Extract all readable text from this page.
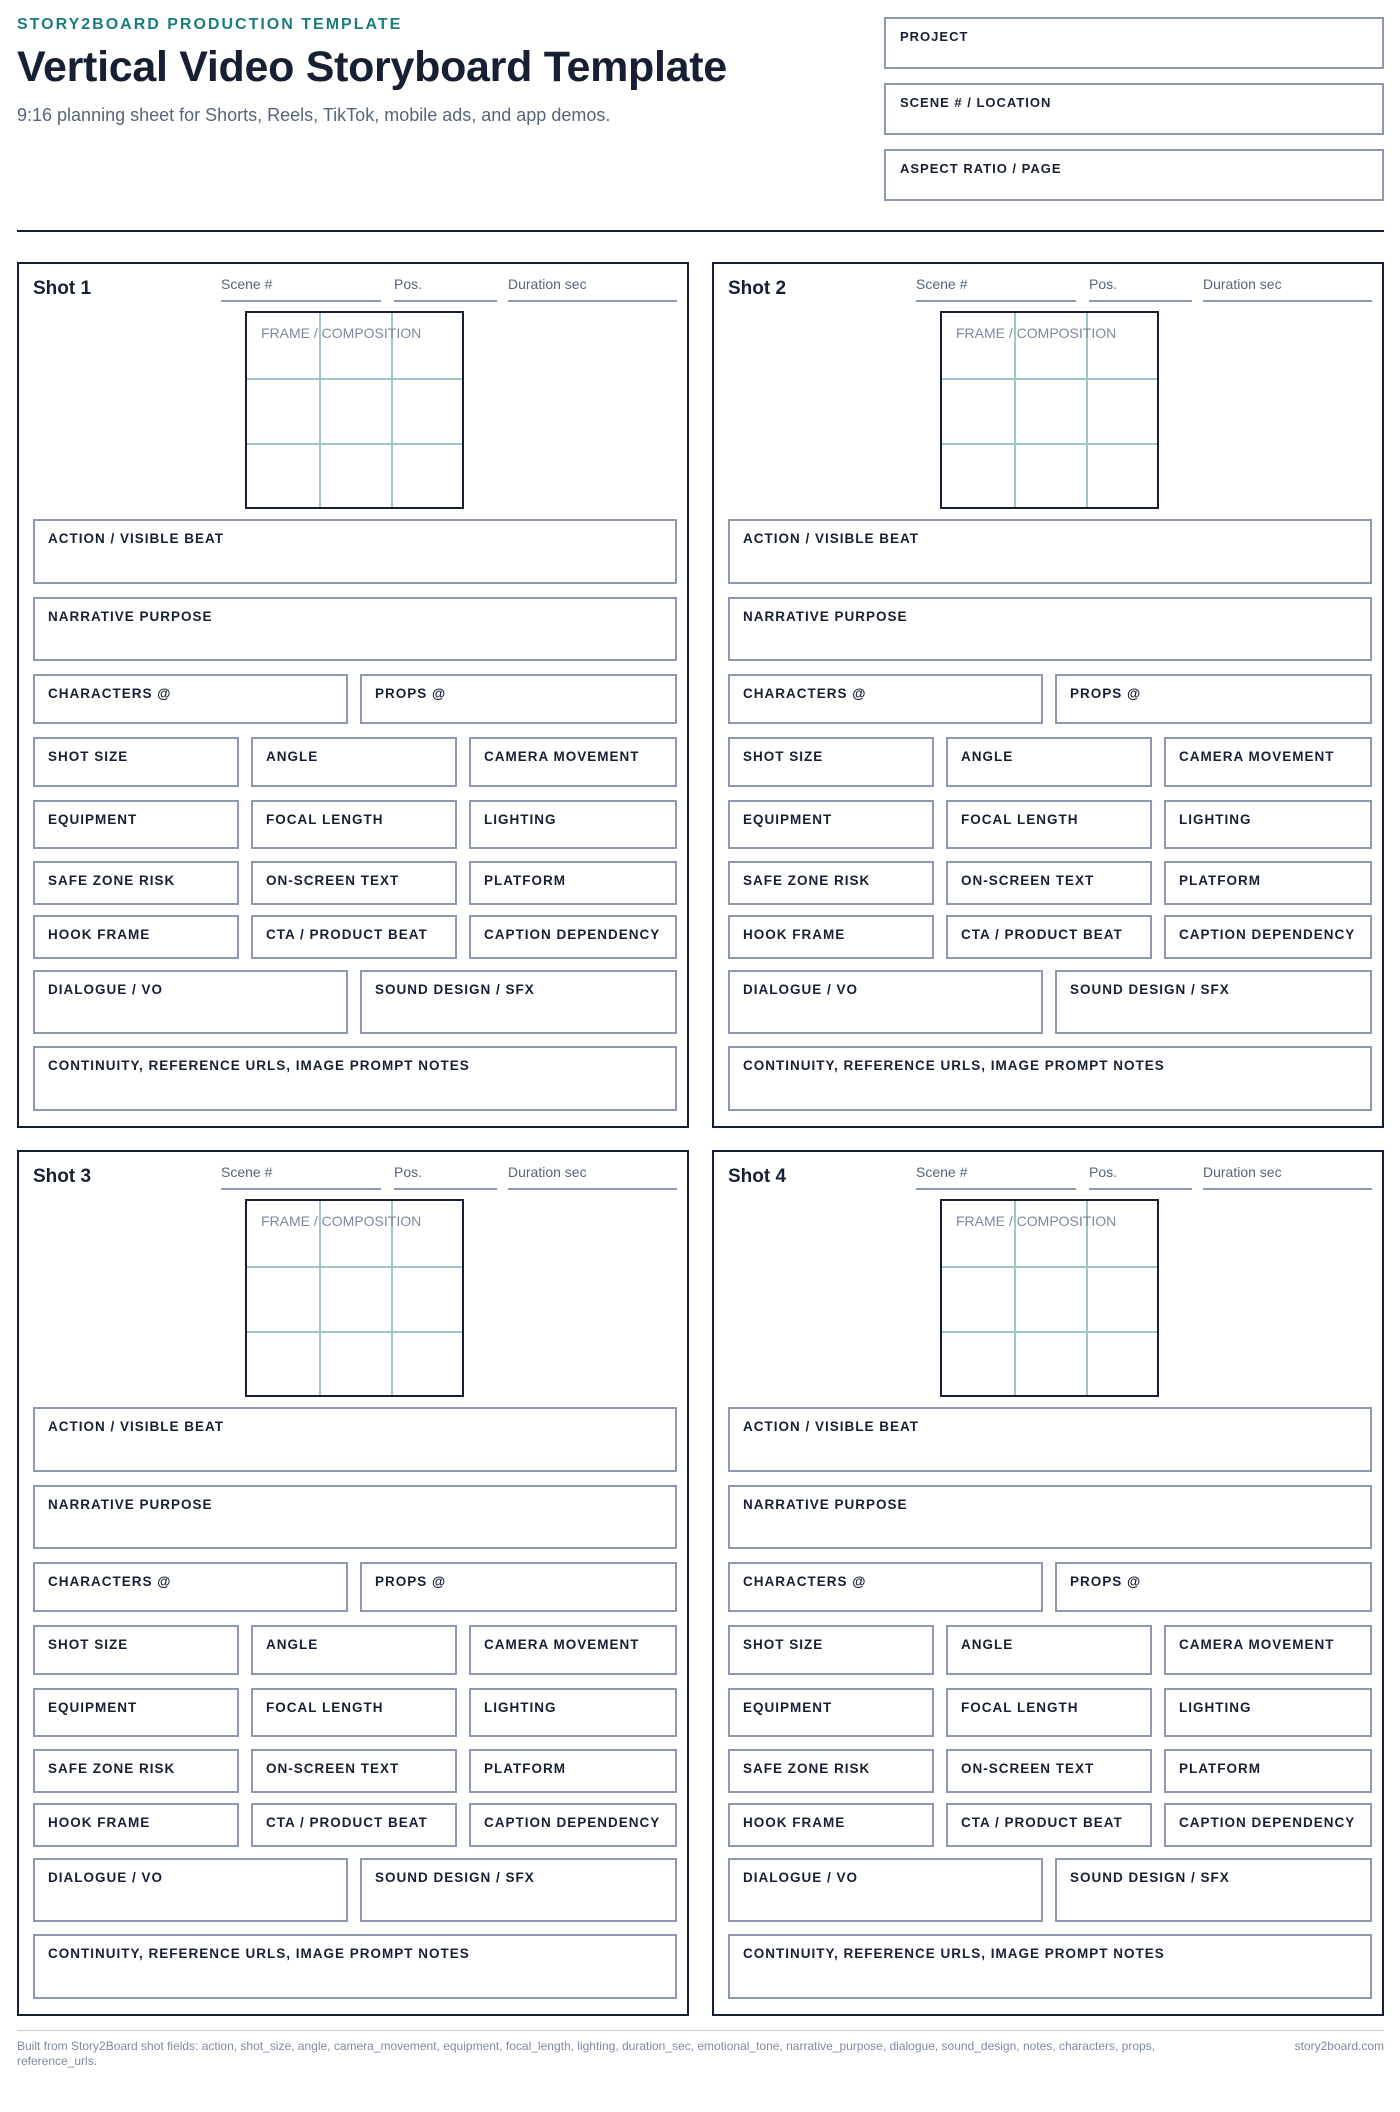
STORY2BOARD PRODUCTION TEMPLATE
Vertical Video Storyboard Template
9:16 planning sheet for Shorts, Reels, TikTok, mobile ads, and app demos.
PROJECT
SCENE # / LOCATION
ASPECT RATIO / PAGE
Shot 1	Scene #	Pos.	Duration sec
FRAME / COMPOSITION
ACTION / VISIBLE BEAT
NARRATIVE PURPOSE
CHARACTERS @	PROPS @
SHOT SIZE	ANGLE	CAMERA MOVEMENT
EQUIPMENT	FOCAL LENGTH	LIGHTING
SAFE ZONE RISK	ON-SCREEN TEXT	PLATFORM
HOOK FRAME	CTA / PRODUCT BEAT	CAPTION DEPENDENCY
DIALOGUE / VO	SOUND DESIGN / SFX
CONTINUITY, REFERENCE URLS, IMAGE PROMPT NOTES
Shot 2	Scene #	Pos.	Duration sec
FRAME / COMPOSITION
ACTION / VISIBLE BEAT
NARRATIVE PURPOSE
CHARACTERS @	PROPS @
SHOT SIZE	ANGLE	CAMERA MOVEMENT
EQUIPMENT	FOCAL LENGTH	LIGHTING
SAFE ZONE RISK	ON-SCREEN TEXT	PLATFORM
HOOK FRAME	CTA / PRODUCT BEAT	CAPTION DEPENDENCY
DIALOGUE / VO	SOUND DESIGN / SFX
CONTINUITY, REFERENCE URLS, IMAGE PROMPT NOTES
Shot 3	Scene #	Pos.	Duration sec
FRAME / COMPOSITION
ACTION / VISIBLE BEAT
NARRATIVE PURPOSE
CHARACTERS @	PROPS @
SHOT SIZE	ANGLE	CAMERA MOVEMENT
EQUIPMENT	FOCAL LENGTH	LIGHTING
SAFE ZONE RISK	ON-SCREEN TEXT	PLATFORM
HOOK FRAME	CTA / PRODUCT BEAT	CAPTION DEPENDENCY
DIALOGUE / VO	SOUND DESIGN / SFX
CONTINUITY, REFERENCE URLS, IMAGE PROMPT NOTES
Shot 4	Scene #	Pos.	Duration sec
FRAME / COMPOSITION
ACTION / VISIBLE BEAT
NARRATIVE PURPOSE
CHARACTERS @	PROPS @
SHOT SIZE	ANGLE	CAMERA MOVEMENT
EQUIPMENT	FOCAL LENGTH	LIGHTING
SAFE ZONE RISK	ON-SCREEN TEXT	PLATFORM
HOOK FRAME	CTA / PRODUCT BEAT	CAPTION DEPENDENCY
DIALOGUE / VO	SOUND DESIGN / SFX
CONTINUITY, REFERENCE URLS, IMAGE PROMPT NOTES
Built from Story2Board shot fields: action, shot_size, angle, camera_movement, equipment, focal_length, lighting, duration_sec, emotional_tone, narrative_purpose, dialogue, sound_design, notes, characters, props, reference_urls.
story2board.com
